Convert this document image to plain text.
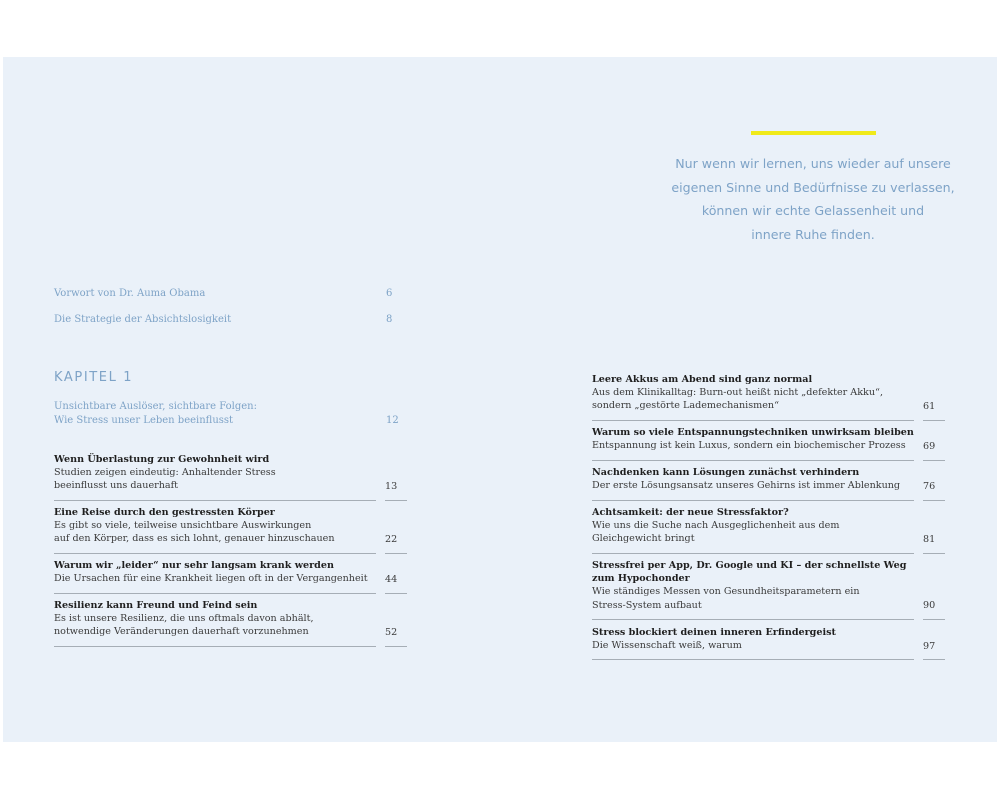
Nur wenn wir lernen, uns wieder auf unsere
eigenen Sinne und Bedürfnisse zu verlassen,
können wir echte Gelassenheit und
innere Ruhe finden.
Vorwort von Dr. Auma Obama	6
Die Strategie der Absichtslosigkeit	8
KAPITEL 1
Unsichtbare Auslöser, sichtbare Folgen:
Wie Stress unser Leben beeinflusst	12
Wenn Überlastung zur Gewohnheit wird
Studien zeigen eindeutig: Anhaltender Stress
beeinflusst uns dauerhaft	13
Eine Reise durch den gestressten Körper
Es gibt so viele, teilweise unsichtbare Auswirkungen
auf den Körper, dass es sich lohnt, genauer hinzuschauen	22
Warum wir „leider“ nur sehr langsam krank werden
Die Ursachen für eine Krankheit liegen oft in der Vergangenheit	44
Resilienz kann Freund und Feind sein
Es ist unsere Resilienz, die uns oftmals davon abhält,
notwendige Veränderungen dauerhaft vorzunehmen	52
Leere Akkus am Abend sind ganz normal
Aus dem Klinikalltag: Burn-out heißt nicht „defekter Akku“,
sondern „gestörte Lademechanismen“	61
Warum so viele Entspannungstechniken unwirksam bleiben
Entspannung ist kein Luxus, sondern ein biochemischer Prozess	69
Nachdenken kann Lösungen zunächst verhindern
Der erste Lösungsansatz unseres Gehirns ist immer Ablenkung	76
Achtsamkeit: der neue Stressfaktor?
Wie uns die Suche nach Ausgeglichenheit aus dem
Gleichgewicht bringt	81
Stressfrei per App, Dr. Google und KI – der schnellste Weg
zum Hypochonder
Wie ständiges Messen von Gesundheitsparametern ein
Stress-System aufbaut	90
Stress blockiert deinen inneren Erfindergeist
Die Wissenschaft weiß, warum	97
